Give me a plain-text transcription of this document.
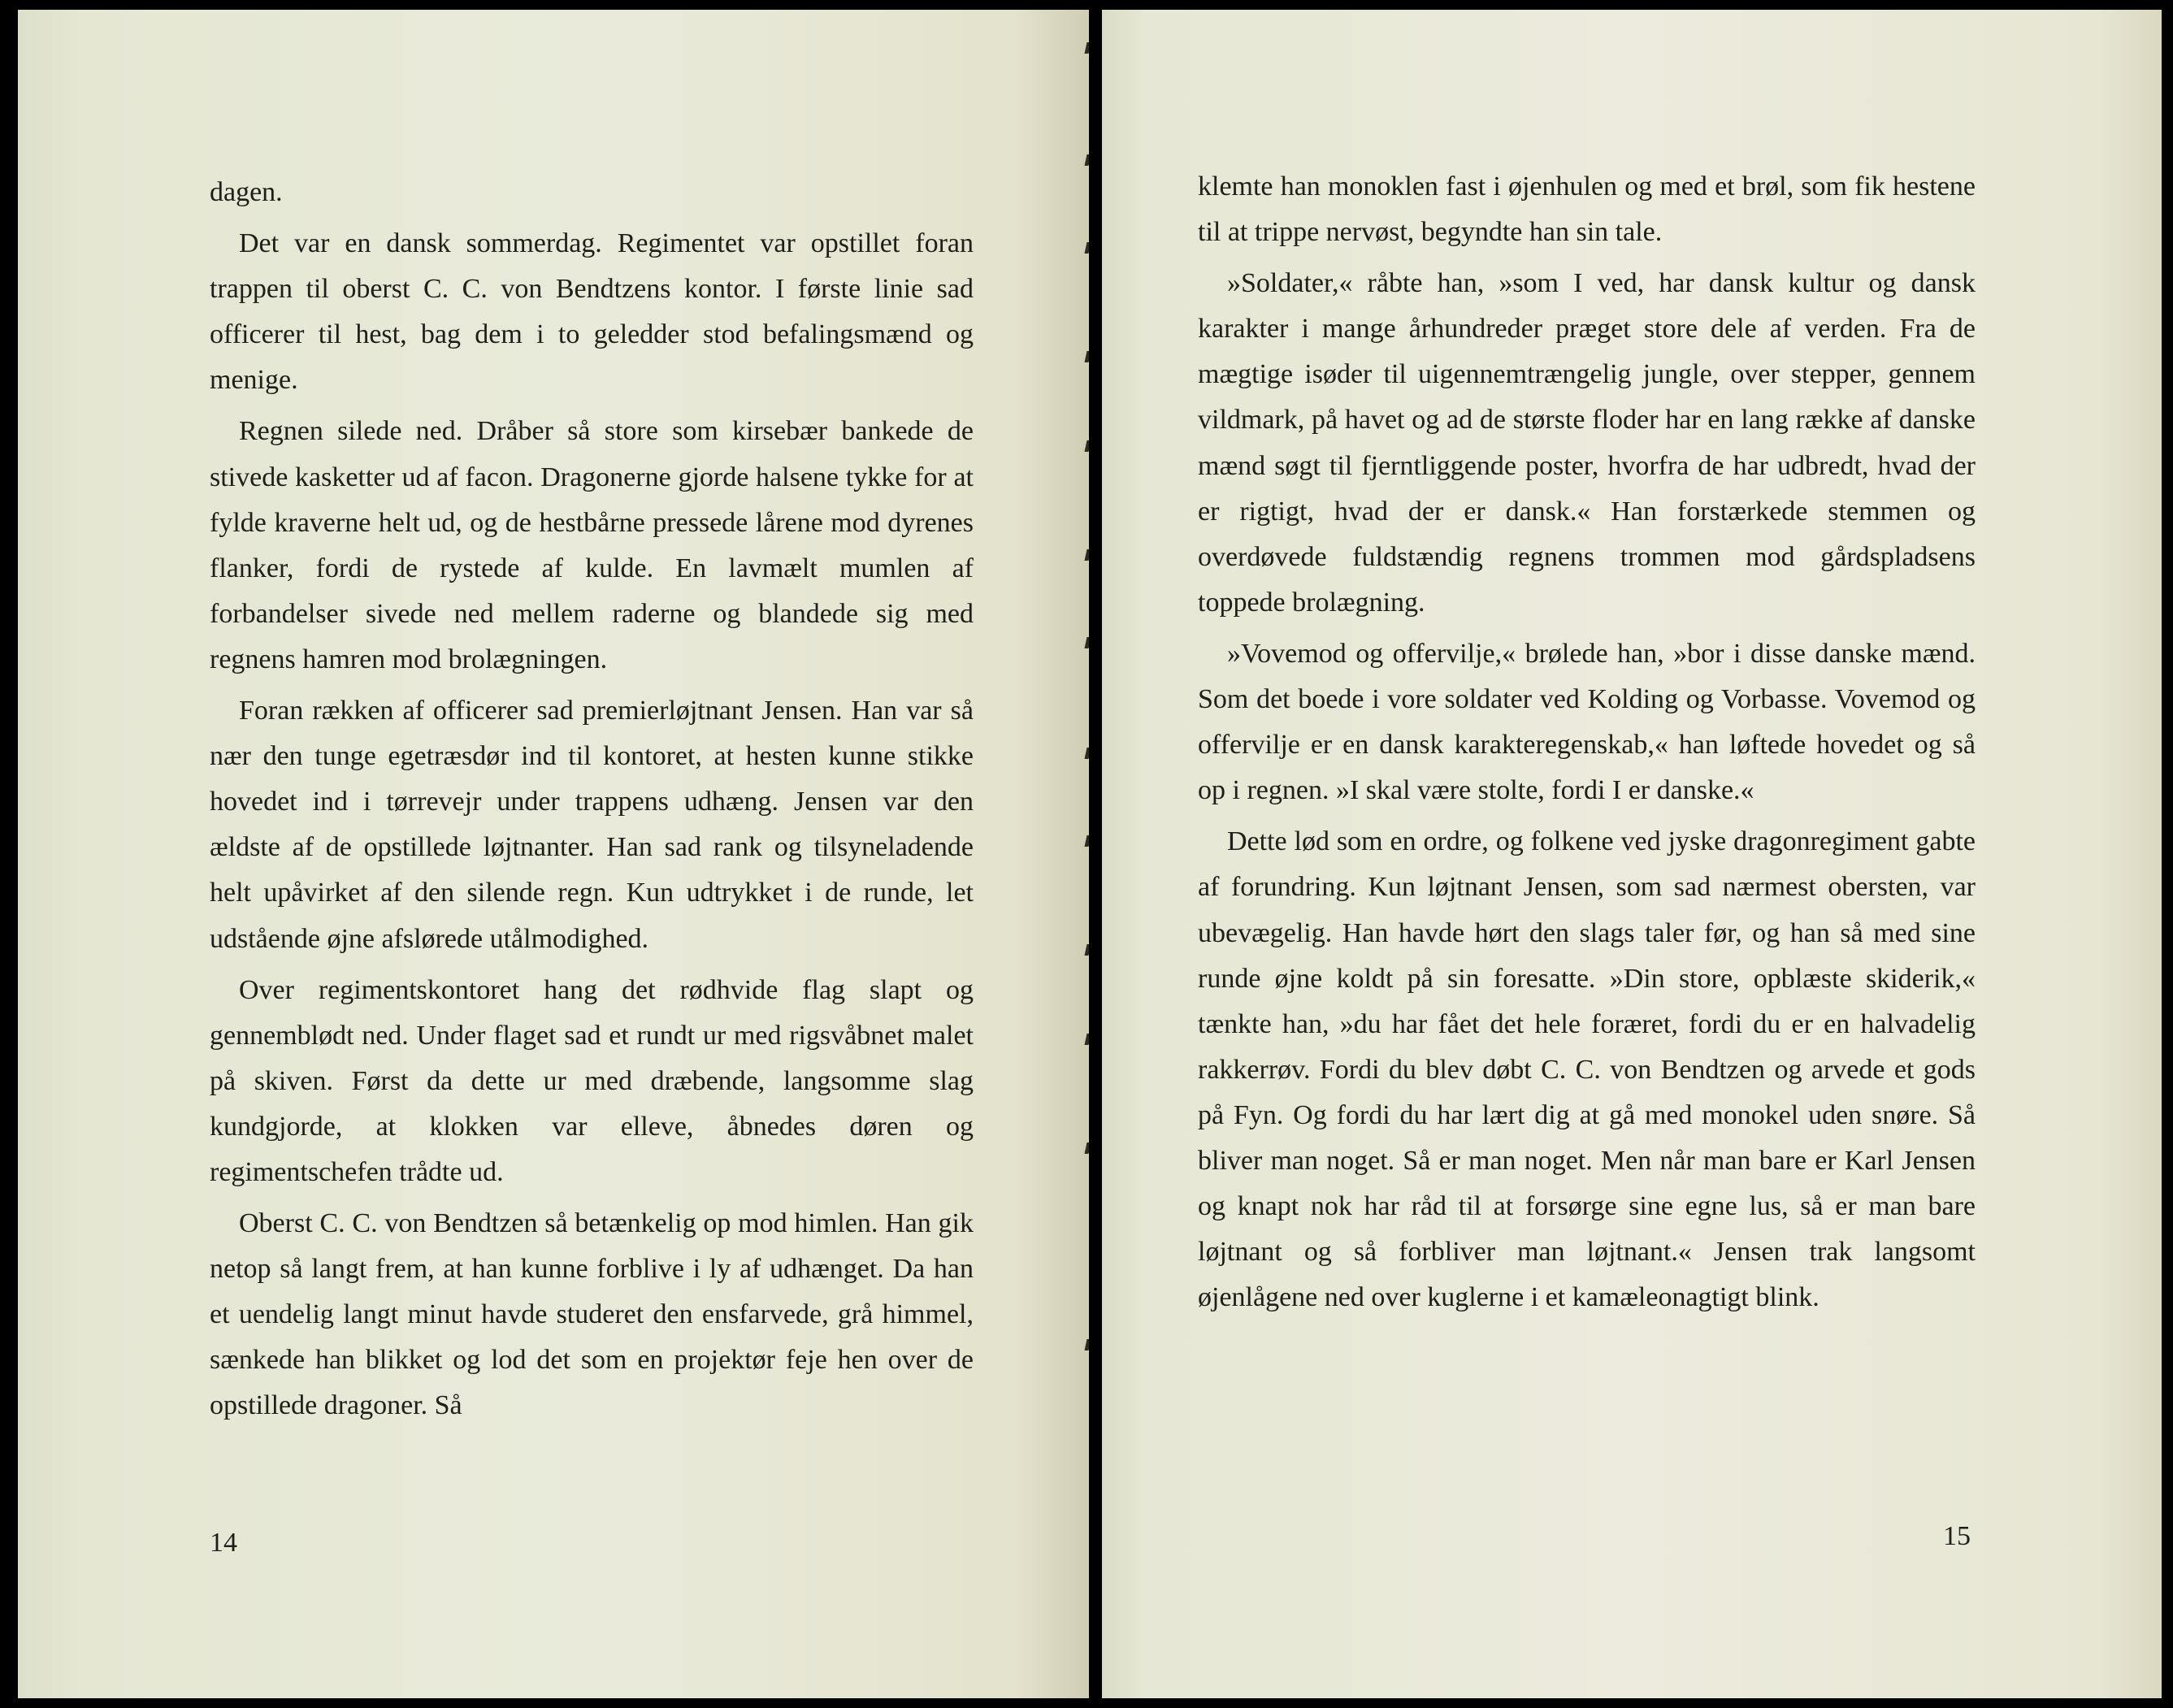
dagen.

Det var en dansk sommerdag. Regimentet var opstillet foran trappen til oberst C. C. von Bendtzens kontor. I første linie sad officerer til hest, bag dem i to geledder stod befalingsmænd og menige.

Regnen silede ned. Dråber så store som kirsebær bankede de stivede kasketter ud af facon. Dragonerne gjorde halsene tykke for at fylde kraverne helt ud, og de hestbårne pressede lårene mod dyrenes flanker, fordi de rystede af kulde. En lavmælt mumlen af forbandelser sivede ned mellem raderne og blandede sig med regnens hamren mod brolægningen.

Foran rækken af officerer sad premierløjtnant Jensen. Han var så nær den tunge egetræsdør ind til kontoret, at hesten kunne stikke hovedet ind i tørrevejr under trappens udhæng. Jensen var den ældste af de opstillede løjtnanter. Han sad rank og tilsyneladende helt upåvirket af den silende regn. Kun udtrykket i de runde, let udstående øjne afslørede utålmodighed.

Over regimentskontoret hang det rødhvide flag slapt og gennemblødt ned. Under flaget sad et rundt ur med rigsvåbnet malet på skiven. Først da dette ur med dræbende, langsomme slag kundgjorde, at klokken var elleve, åbnedes døren og regimentschefen trådte ud.

Oberst C. C. von Bendtzen så betænkelig op mod himlen. Han gik netop så langt frem, at han kunne forblive i ly af udhænget. Da han et uendelig langt minut havde studeret den ensfarvede, grå himmel, sænkede han blikket og lod det som en projektør feje hen over de opstillede dragoner. Så

14

klemte han monoklen fast i øjenhulen og med et brøl, som fik hestene til at trippe nervøst, begyndte han sin tale.

»Soldater,« råbte han, »som I ved, har dansk kultur og dansk karakter i mange århundreder præget store dele af verden. Fra de mægtige isøder til uigennemtrængelig jungle, over stepper, gennem vildmark, på havet og ad de største floder har en lang række af danske mænd søgt til fjerntliggende poster, hvorfra de har udbredt, hvad der er rigtigt, hvad der er dansk.« Han forstærkede stemmen og overdøvede fuldstændig regnens trommen mod gårdspladsens toppede brolægning.

»Vovemod og offervilje,« brølede han, »bor i disse danske mænd. Som det boede i vore soldater ved Kolding og Vorbasse. Vovemod og offervilje er en dansk karakteregenskab,« han løftede hovedet og så op i regnen. »I skal være stolte, fordi I er danske.«

Dette lød som en ordre, og folkene ved jyske dragonregiment gabte af forundring. Kun løjtnant Jensen, som sad nærmest obersten, var ubevægelig. Han havde hørt den slags taler før, og han så med sine runde øjne koldt på sin foresatte. »Din store, opblæste skiderik,« tænkte han, »du har fået det hele foræret, fordi du er en halvadelig rakkerrøv. Fordi du blev døbt C. C. von Bendtzen og arvede et gods på Fyn. Og fordi du har lært dig at gå med monokel uden snøre. Så bliver man noget. Så er man noget. Men når man bare er Karl Jensen og knapt nok har råd til at forsørge sine egne lus, så er man bare løjtnant og så forbliver man løjtnant.« Jensen trak langsomt øjenlågene ned over kuglerne i et kamæleonagtigt blink.

15
